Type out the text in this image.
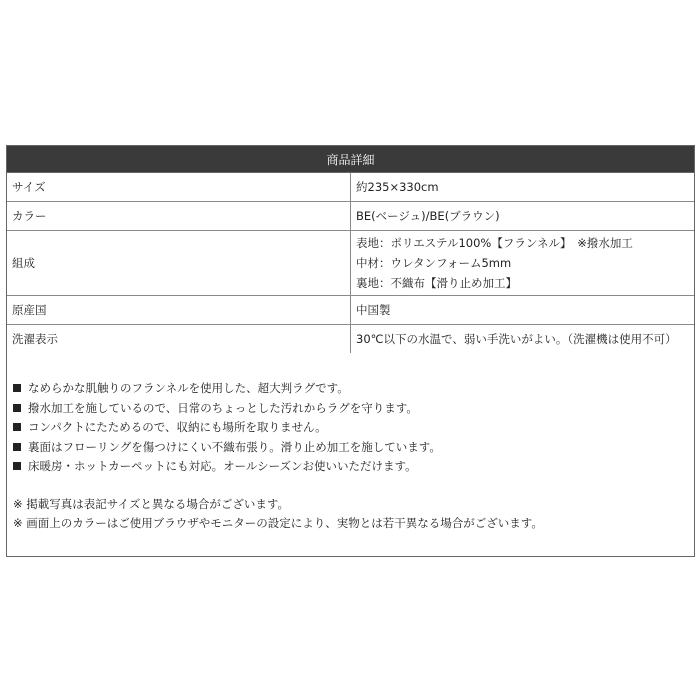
商品詳細	
サイズ	約235×330cm
カラー	BE(ベージュ)/BE(ブラウン)
組成	表地：ポリエステル100%【フランネル】　※撥水加工
中材：ウレタンフォーム5mm
裏地：不織布【滑り止め加工】

原産国	中国製
洗濯表示	30℃以下の水温で、弱い手洗いがよい。（洗濯機は使用不可）
なめらかな肌触りのフランネルを使用した、超大判ラグです。
撥水加工を施しているので、日常のちょっとした汚れからラグを守ります。
コンパクトにたためるので、収納にも場所を取りません。
裏面はフローリングを傷つけにくい不織布張り。滑り止め加工を施しています。
床暖房・ホットカーペットにも対応。オールシーズンお使いいただけます。
※ 掲載写真は表記サイズと異なる場合がございます。
※ 画面上のカラーはご使用ブラウザやモニターの設定により、実物とは若干異なる場合がございます。
